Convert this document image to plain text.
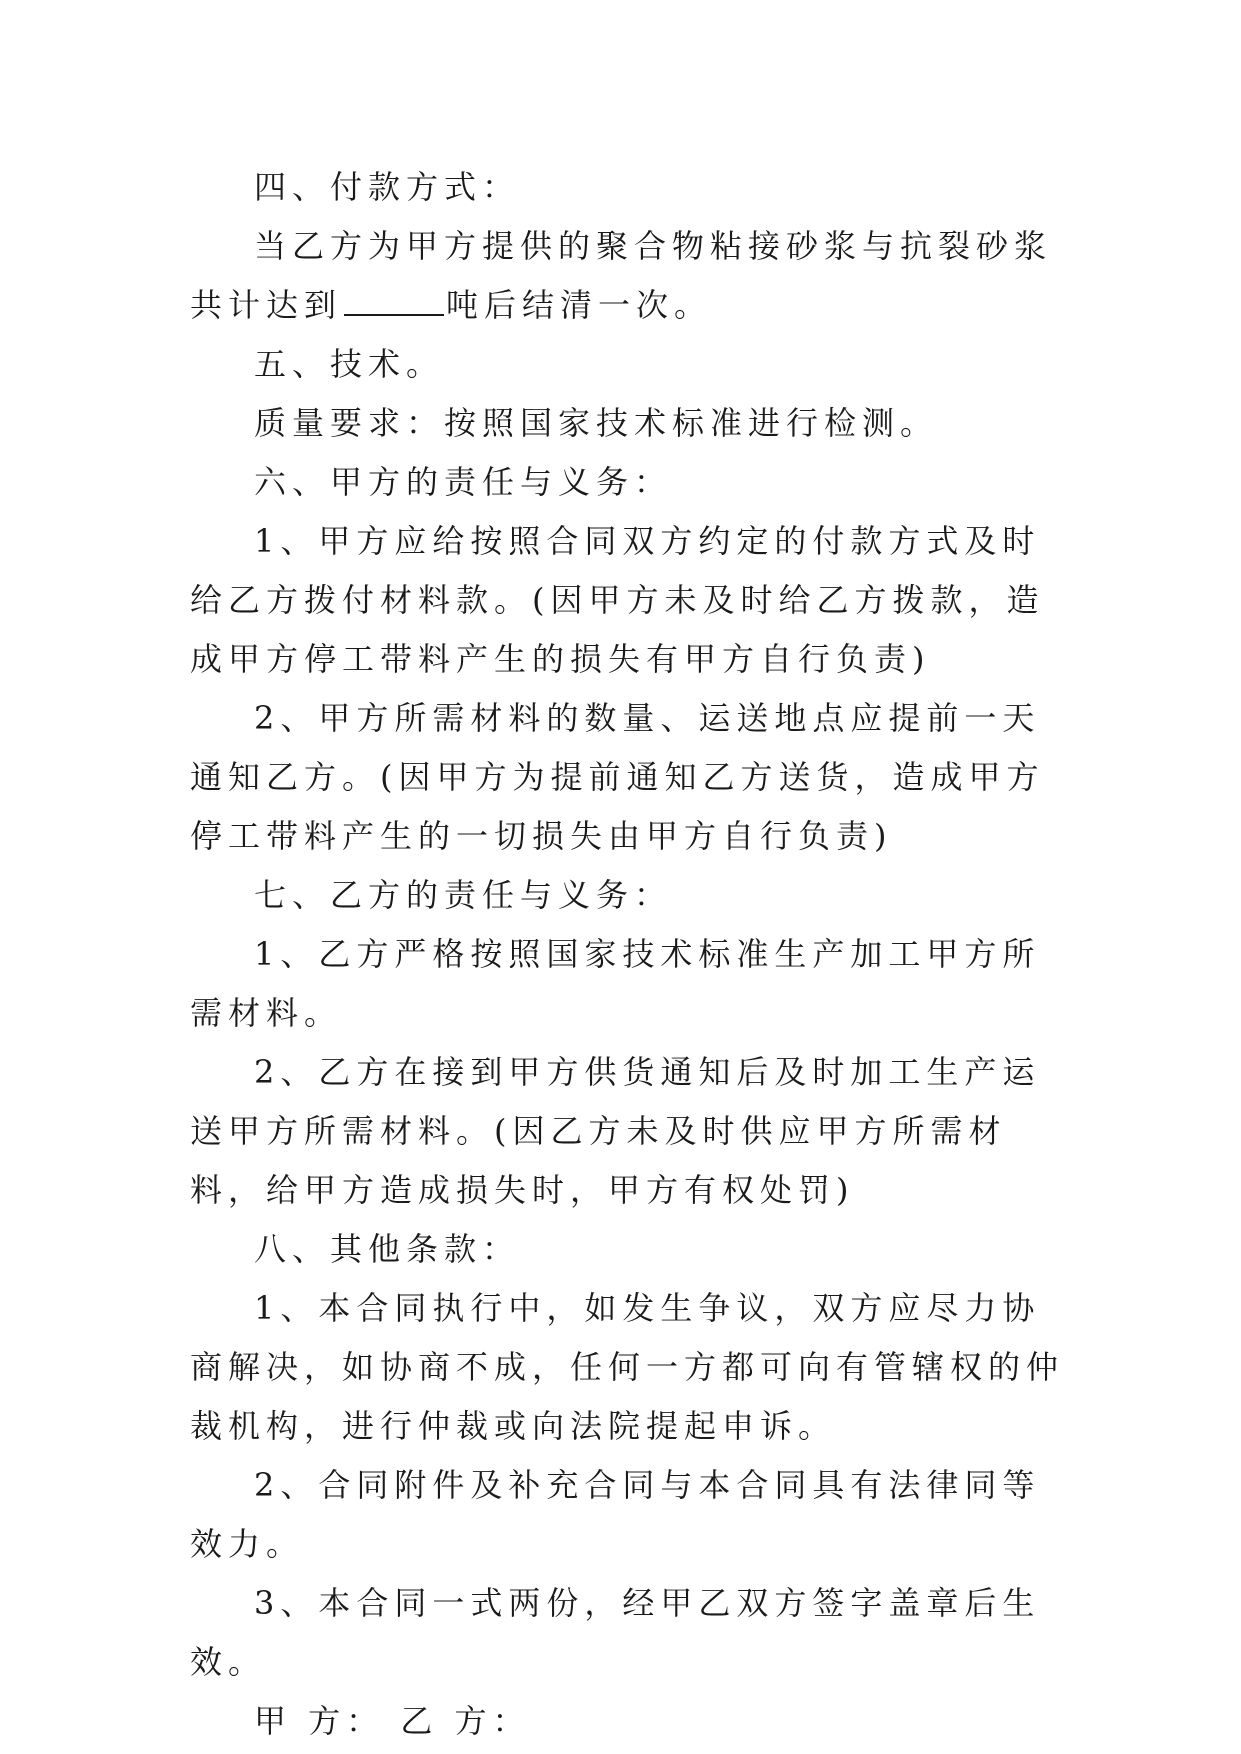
四、付款方式：

当乙方为甲方提供的聚合物粘接砂浆与抗裂砂浆共计达到	吨后结清一次。

五、技术。

质量要求：按照国家技术标准进行检测。

六、甲方的责任与义务：

1、甲方应给按照合同双方约定的付款方式及时给乙方拨付材料款。(因甲方未及时给乙方拨款，造成甲方停工带料产生的损失有甲方自行负责)

2、甲方所需材料的数量、运送地点应提前一天通知乙方。(因甲方为提前通知乙方送货，造成甲方停工带料产生的一切损失由甲方自行负责)

七、乙方的责任与义务：

1、乙方严格按照国家技术标准生产加工甲方所需材料。

2、乙方在接到甲方供货通知后及时加工生产运送甲方所需材料。(因乙方未及时供应甲方所需材料，给甲方造成损失时，甲方有权处罚)

八、其他条款：

1、本合同执行中，如发生争议，双方应尽力协商解决，如协商不成，任何一方都可向有管辖权的仲裁机构，进行仲裁或向法院提起申诉。

2、合同附件及补充合同与本合同具有法律同等效力。

3、本合同一式两份，经甲乙双方签字盖章后生效。

甲 方： 乙 方：
